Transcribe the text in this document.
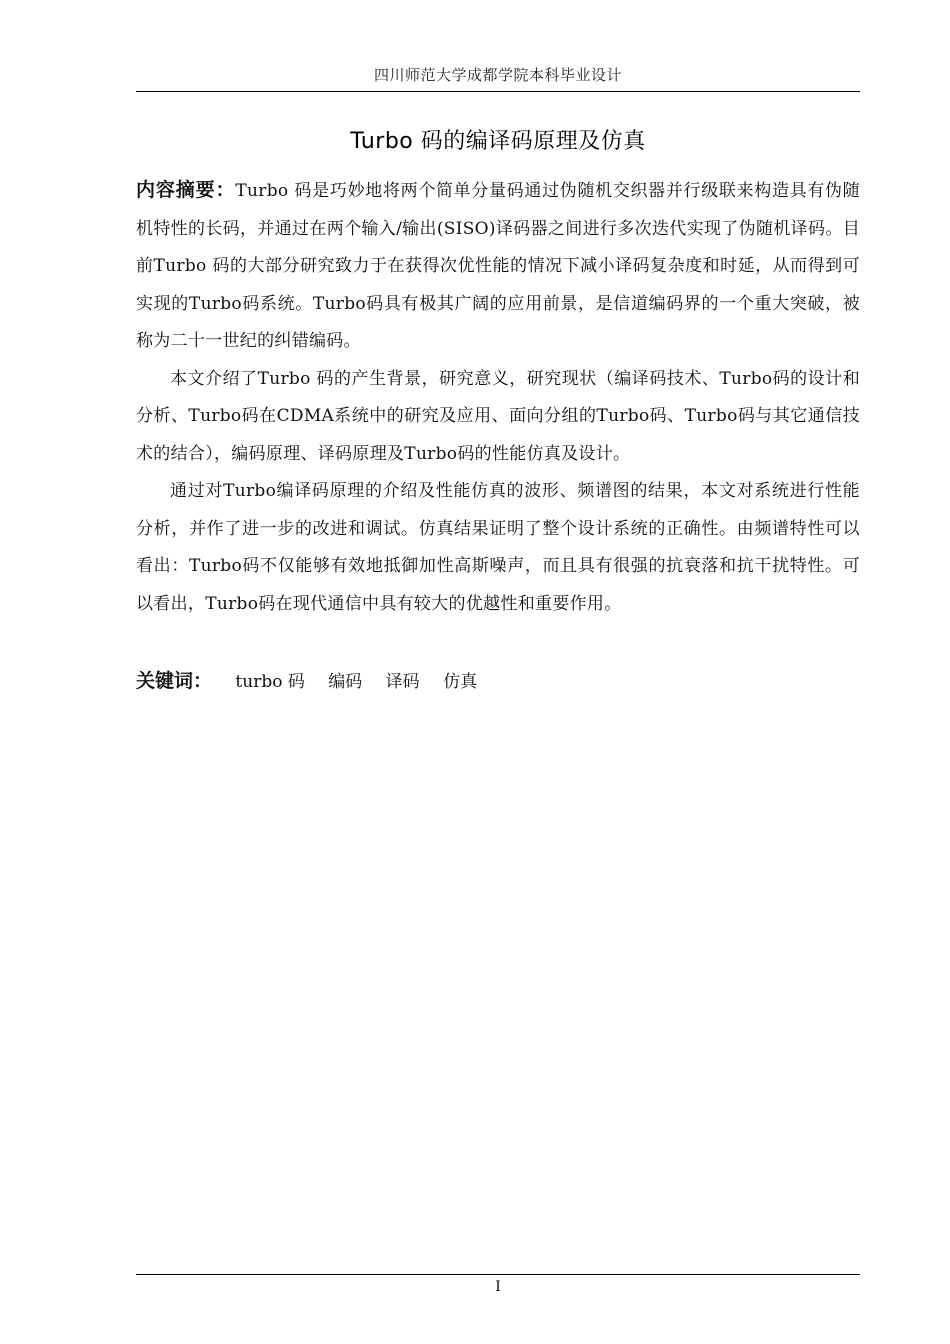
四川师范大学成都学院本科毕业设计
Turbo 码的编译码原理及仿真

内容摘要：Turbo 码是巧妙地将两个简单分量码通过伪随机交织器并行级联来构造具有伪随机特性的长码，并通过在两个输入/输出(SISO)译码器之间进行多次迭代实现了伪随机译码。目前Turbo 码的大部分研究致力于在获得次优性能的情况下减小译码复杂度和时延，从而得到可实现的Turbo码系统。Turbo码具有极其广阔的应用前景，是信道编码界的一个重大突破，被称为二十一世纪的纠错编码。

本文介绍了Turbo 码的产生背景，研究意义，研究现状（编译码技术、Turbo码的设计和分析、Turbo码在CDMA系统中的研究及应用、面向分组的Turbo码、Turbo码与其它通信技术的结合），编码原理、译码原理及Turbo码的性能仿真及设计。

通过对Turbo编译码原理的介绍及性能仿真的波形、频谱图的结果，本文对系统进行性能分析，并作了进一步的改进和调试。仿真结果证明了整个设计系统的正确性。由频谱特性可以看出：Turbo码不仅能够有效地抵御加性高斯噪声，而且具有很强的抗衰落和抗干扰特性。可以看出，Turbo码在现代通信中具有较大的优越性和重要作用。

关键词： turbo 码 编码 译码 仿真
I
